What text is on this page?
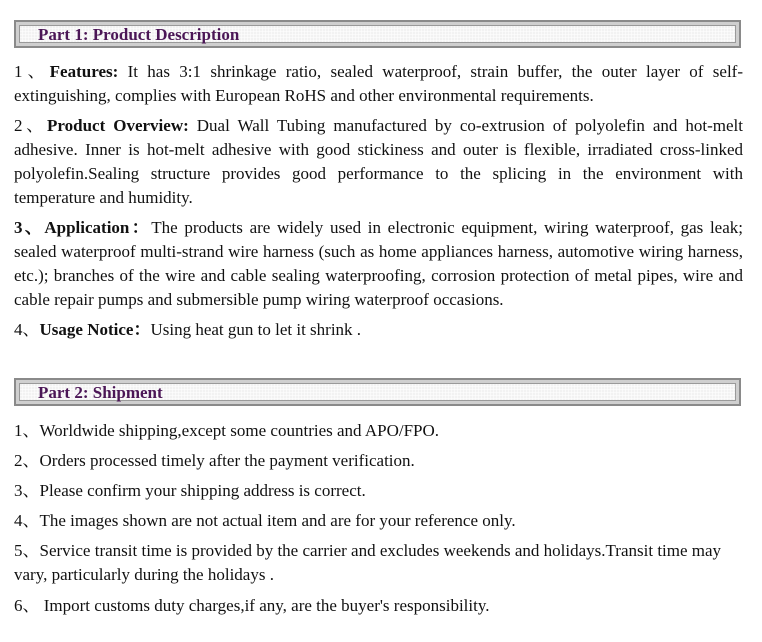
Part 1: Product Description
1、Features: It has 3:1 shrinkage ratio, sealed waterproof, strain buffer, the outer layer of self-extinguishing, complies with European RoHS and other environmental requirements.
2、Product Overview: Dual Wall Tubing manufactured by co-extrusion of polyolefin and hot-melt adhesive. Inner is hot-melt adhesive with good stickiness and outer is flexible, irradiated cross-linked polyolefin.Sealing structure provides good performance to the splicing in the environment with temperature and humidity.
3、Application：The products are widely used in electronic equipment, wiring waterproof, gas leak; sealed waterproof multi-strand wire harness (such as home appliances harness, automotive wiring harness, etc.); branches of the wire and cable sealing waterproofing, corrosion protection of metal pipes, wire and cable repair pumps and submersible pump wiring waterproof occasions.
4、Usage Notice：Using heat gun to let it shrink .
Part 2: Shipment
1、Worldwide shipping,except some countries and APO/FPO.
2、Orders processed timely after the payment verification.
3、Please confirm your shipping address is correct.
4、The images shown are not actual item and are for your reference only.
5、Service transit time is provided by the carrier and excludes weekends and holidays.Transit time may vary, particularly during the holidays .
6、 Import customs duty charges,if any, are the buyer's responsibility.
